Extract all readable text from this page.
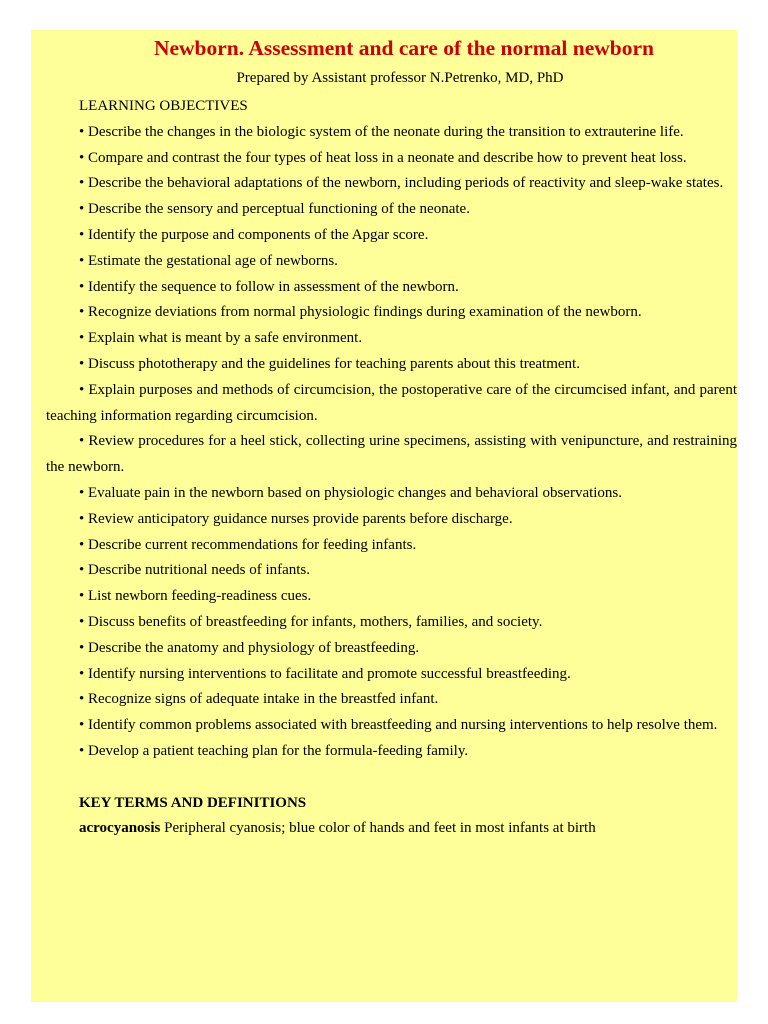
Newborn. Assessment and care of the normal newborn
Prepared by Assistant professor N.Petrenko, MD, PhD
LEARNING OBJECTIVES

• Describe the changes in the biologic system of the neonate during the transition to extrauterine life.

• Compare and contrast the four types of heat loss in a neonate and describe how to prevent heat loss.

• Describe the behavioral adaptations of the newborn, including periods of reactivity and sleep-wake states.

• Describe the sensory and perceptual functioning of the neonate.

• Identify the purpose and components of the Apgar score.

• Estimate the gestational age of newborns.

• Identify the sequence to follow in assessment of the newborn.

• Recognize deviations from normal physiologic findings during examination of the newborn.

• Explain what is meant by a safe environment.

• Discuss phototherapy and the guidelines for teaching parents about this treatment.

• Explain purposes and methods of circumcision, the postoperative care of the circumcised infant, and parent teaching information regarding circumcision.

• Review procedures for a heel stick, collecting urine specimens, assisting with venipuncture, and restraining the newborn.

• Evaluate pain in the newborn based on physiologic changes and behavioral observations.

• Review anticipatory guidance nurses provide parents before discharge.

• Describe current recommendations for feeding infants.

• Describe nutritional needs of infants.

• List newborn feeding-readiness cues.

• Discuss benefits of breastfeeding for infants, mothers, families, and society.

• Describe the anatomy and physiology of breastfeeding.

• Identify nursing interventions to facilitate and promote successful breastfeeding.

• Recognize signs of adequate intake in the breastfed infant.

• Identify common problems associated with breastfeeding and nursing interventions to help resolve them.

• Develop a patient teaching plan for the formula-feeding family.

KEY TERMS AND DEFINITIONS
acrocyanosis Peripheral cyanosis; blue color of hands and feet in most infants at birth
